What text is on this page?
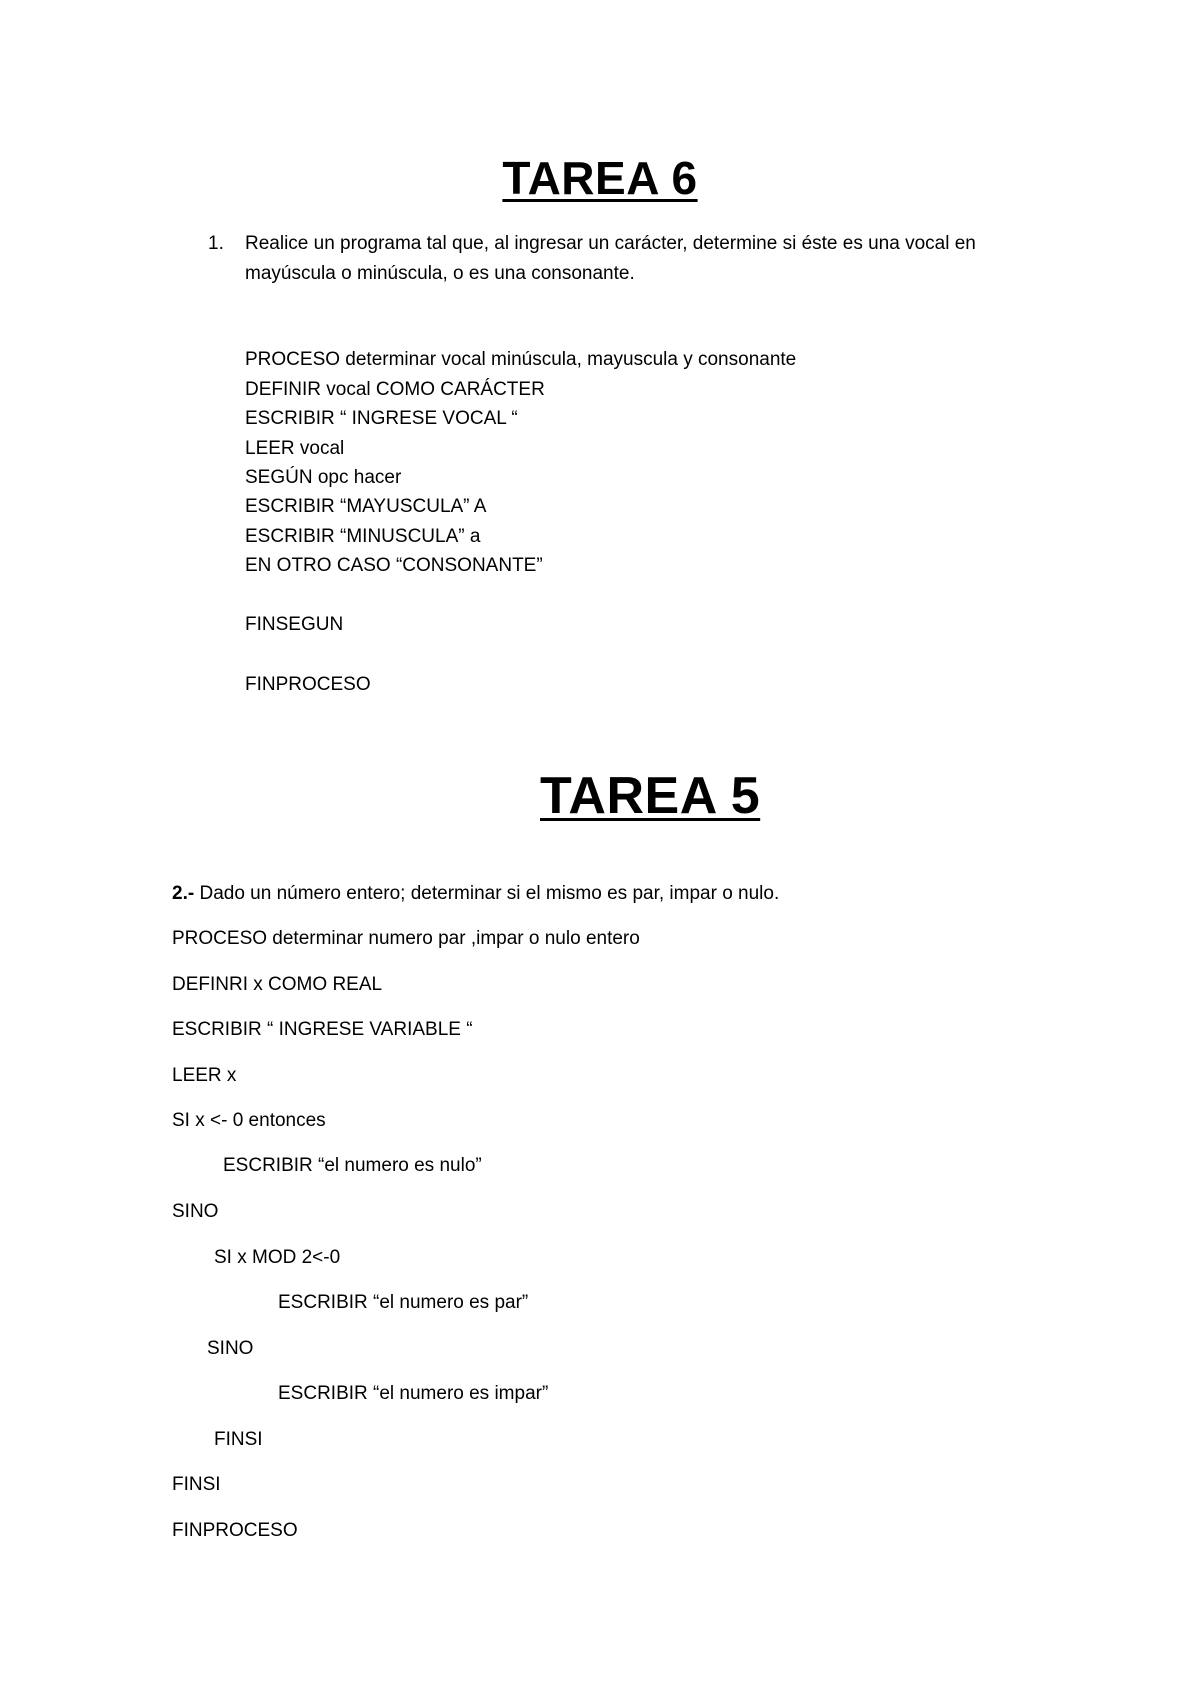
TAREA 6
1. Realice un programa tal que, al ingresar un carácter, determine si éste es una vocal en
mayúscula o minúscula, o es una consonante.
PROCESO determinar vocal minúscula, mayuscula y consonante
DEFINIR vocal COMO CARÁCTER
ESCRIBIR “ INGRESE VOCAL “
LEER vocal
SEGÚN opc hacer
ESCRIBIR “MAYUSCULA” A
ESCRIBIR “MINUSCULA” a
EN OTRO CASO “CONSONANTE”
FINSEGUN
FINPROCESO
TAREA 5
2.- Dado un número entero; determinar si el mismo es par, impar o nulo.
PROCESO determinar numero par ,impar o nulo entero
DEFINRI x COMO REAL
ESCRIBIR “ INGRESE VARIABLE “
LEER x
SI x <- 0 entonces
ESCRIBIR “el numero es nulo”
SINO
SI x MOD 2<-0
ESCRIBIR “el numero es par”
SINO
ESCRIBIR “el numero es impar”
FINSI
FINSI
FINPROCESO
